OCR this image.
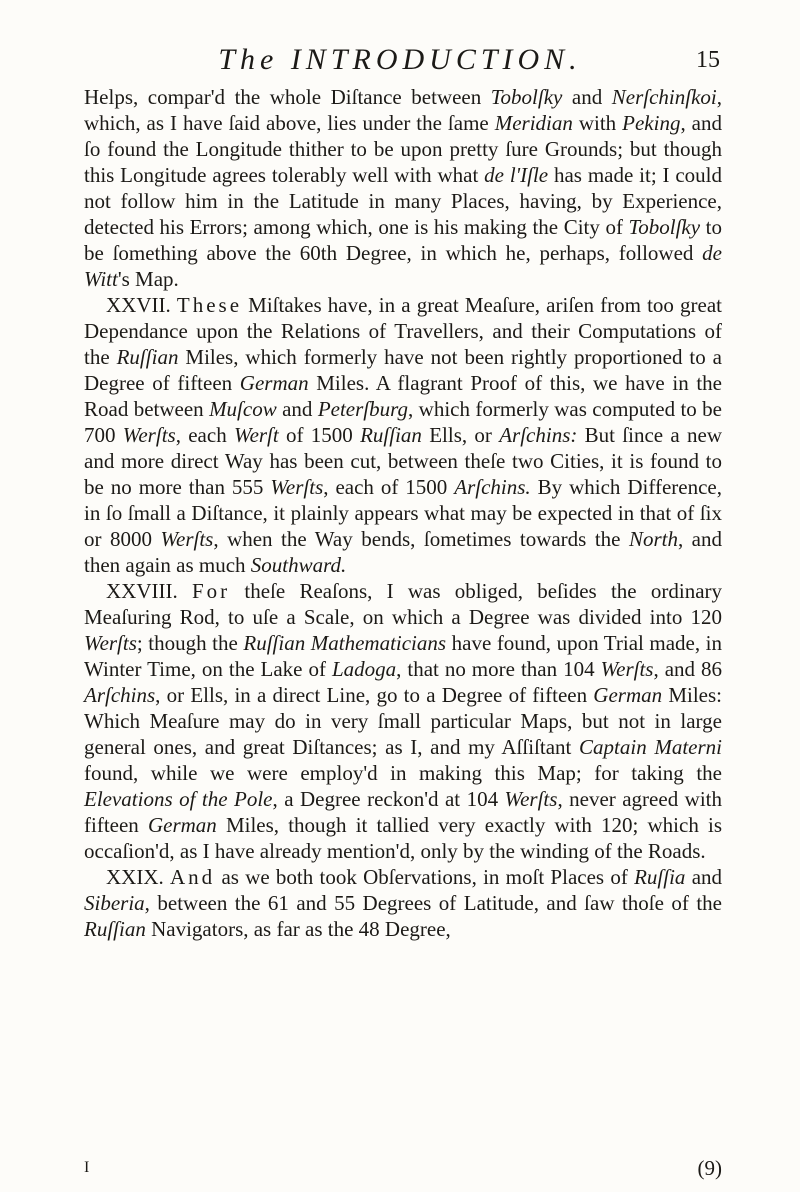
The INTRODUCTION.	15

Helps, compar'd the whole Diſtance between Tobolſky and Nerſchinſkoi, which, as I have ſaid above, lies under the ſame Meridian with Peking, and ſo found the Longitude thither to be upon pretty ſure Grounds; but though this Longitude agrees tolerably well with what de l'Iſle has made it; I could not follow him in the Latitude in many Places, having, by Experience, detected his Errors; among which, one is his making the City of Tobolſky to be ſomething above the 60th Degree, in which he, perhaps, followed de Witt's Map.

XXVII. These Miſtakes have, in a great Meaſure, ariſen from too great Dependance upon the Relations of Travellers, and their Computations of the Ruſſian Miles, which formerly have not been rightly proportioned to a Degree of fifteen German Miles. A flagrant Proof of this, we have in the Road between Muſcow and Peterſburg, which formerly was computed to be 700 Werſts, each Werſt of 1500 Ruſſian Ells, or Arſchins: But ſince a new and more direct Way has been cut, between theſe two Cities, it is found to be no more than 555 Werſts, each of 1500 Arſchins. By which Difference, in ſo ſmall a Diſtance, it plainly appears what may be expected in that of ſix or 8000 Werſts, when the Way bends, ſometimes towards the North, and then again as much Southward.

XXVIII. For theſe Reaſons, I was obliged, beſides the ordinary Meaſuring Rod, to uſe a Scale, on which a Degree was divided into 120 Werſts; though the Ruſſian Mathematicians have found, upon Trial made, in Winter Time, on the Lake of Ladoga, that no more than 104 Werſts, and 86 Arſchins, or Ells, in a direct Line, go to a Degree of fifteen German Miles: Which Meaſure may do in very ſmall particular Maps, but not in large general ones, and great Diſtances; as I, and my Aſſiſtant Captain Materni found, while we were employ'd in making this Map; for taking the Elevations of the Pole, a Degree reckon'd at 104 Werſts, never agreed with fifteen German Miles, though it tallied very exactly with 120; which is occaſion'd, as I have already mention'd, only by the winding of the Roads.

XXIX. And as we both took Obſervations, in moſt Places of Ruſſia and Siberia, between the 61 and 55 Degrees of Latitude, and ſaw thoſe of the Ruſſian Navigators, as far as the 48 Degree,

I	(9)
